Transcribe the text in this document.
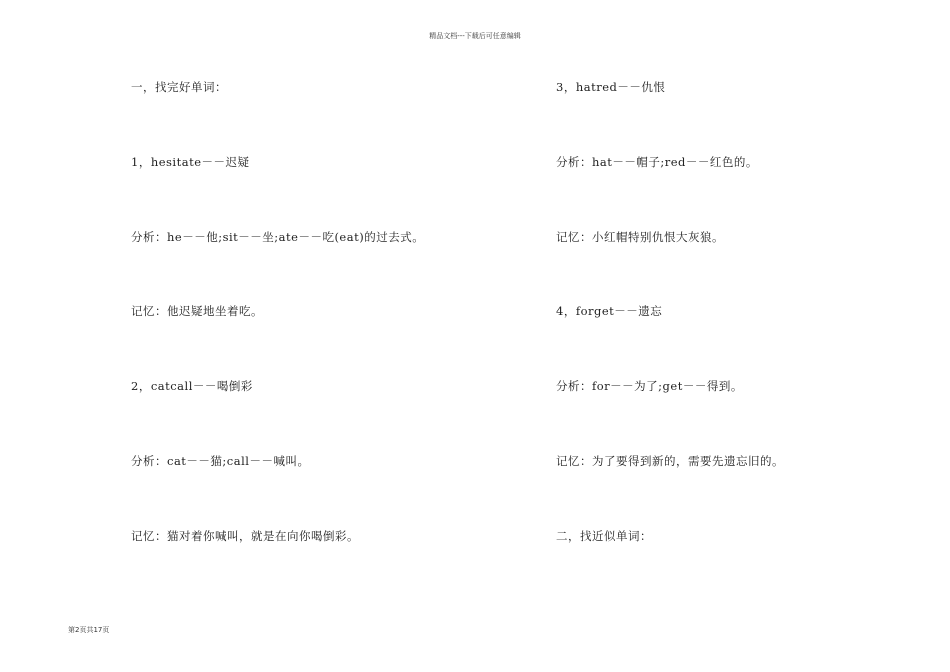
精品文档---下载后可任意编辑
一，找完好单词：
1，hesitate－－迟疑
分析：he－－他;sit－－坐;ate－－吃(eat)的过去式。
记忆：他迟疑地坐着吃。
2，catcall－－喝倒彩
分析：cat－－猫;call－－喊叫。
记忆：猫对着你喊叫，就是在向你喝倒彩。
3，hatred－－仇恨
分析：hat－－帽子;red－－红色的。
记忆：小红帽特别仇恨大灰狼。
4，forget－－遗忘
分析：for－－为了;get－－得到。
记忆：为了要得到新的，需要先遗忘旧的。
二，找近似单词：
第2页共17页
